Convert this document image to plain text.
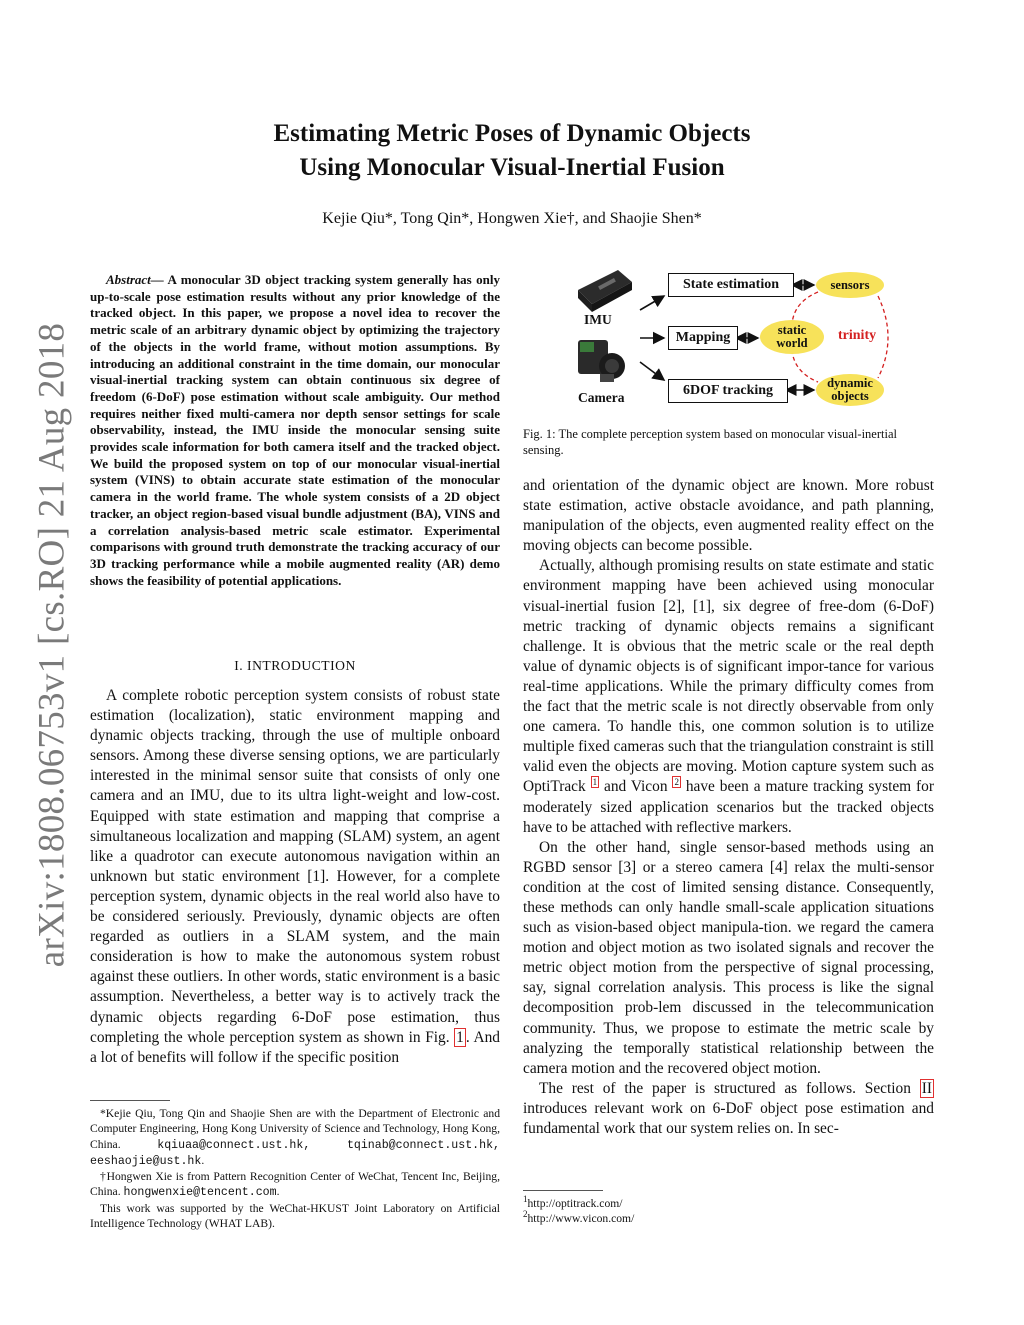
arXiv:1808.06753v1 [cs.RO] 21 Aug 2018
Estimating Metric Poses of Dynamic Objects
Using Monocular Visual-Inertial Fusion
Kejie Qiu*, Tong Qin*, Hongwen Xie†, and Shaojie Shen*
Abstract— A monocular 3D object tracking system generally has only up-to-scale pose estimation results without any prior knowledge of the tracked object. In this paper, we propose a novel idea to recover the metric scale of an arbitrary dynamic object by optimizing the trajectory of the objects in the world frame, without motion assumptions. By introducing an additional constraint in the time domain, our monocular visual-inertial tracking system can obtain continuous six degree of freedom (6-DoF) pose estimation without scale ambiguity. Our method requires neither fixed multi-camera nor depth sensor settings for scale observability, instead, the IMU inside the monocular sensing suite provides scale information for both camera itself and the tracked object. We build the proposed system on top of our monocular visual-inertial system (VINS) to obtain accurate state estimation of the monocular camera in the world frame. The whole system consists of a 2D object tracker, an object region-based visual bundle adjustment (BA), VINS and a correlation analysis-based metric scale estimator. Experimental comparisons with ground truth demonstrate the tracking accuracy of our 3D tracking performance while a mobile augmented reality (AR) demo shows the feasibility of potential applications.
I. INTRODUCTION

A complete robotic perception system consists of robust state estimation (localization), static environment mapping and dynamic objects tracking, through the use of multiple onboard sensors. Among these diverse sensing options, we are particularly interested in the minimal sensor suite that consists of only one camera and an IMU, due to its ultra light-weight and low-cost. Equipped with state estimation and mapping that comprise a simultaneous localization and mapping (SLAM) system, an agent like a quadrotor can execute autonomous navigation within an unknown but static environment [1]. However, for a complete perception system, dynamic objects in the real world also have to be considered seriously. Previously, dynamic objects are often regarded as outliers in a SLAM system, and the main consideration is how to make the autonomous system robust against these outliers. In other words, static environment is a basic assumption. Nevertheless, a better way is to actively track the dynamic objects regarding 6-DoF pose estimation, thus completing the whole perception system as shown in Fig. 1 . And a lot of benefits will follow if the specific position

*Kejie Qiu, Tong Qin and Shaojie Shen are with the Department of Electronic and Computer Engineering, Hong Kong University of Science and Technology, Hong Kong, China. kqiuaa@connect.ust.hk,	tqinab@connect.ust.hk, eeshaojie@ust.hk.

†Hongwen Xie is from Pattern Recognition Center of WeChat, Tencent Inc, Beijing, China. hongwenxie@tencent.com.

This work was supported by the WeChat-HKUST Joint Laboratory on Artificial Intelligence Technology (WHAT LAB).

IMU
Camera
State estimation
Mapping
6DOF tracking
sensors
static
world
dynamic
objects
trinity
Fig. 1: The complete perception system based on monocular visual-inertial sensing.

and orientation of the dynamic object are known. More robust state estimation, active obstacle avoidance, and path planning, manipulation of the objects, even augmented reality effect on the moving objects can become possible.

Actually, although promising results on state estimate and static environment mapping have been achieved using monocular visual-inertial fusion [2], [1], six degree of free-dom (6-DoF) metric tracking of dynamic objects remains a significant challenge. It is obvious that the metric scale or the real depth value of dynamic objects is of significant impor-tance for various real-time applications. While the primary difficulty comes from the fact that the metric scale is not directly observable from only one camera. To handle this, one common solution is to utilize multiple fixed cameras such that the triangulation constraint is still valid even the objects are moving. Motion capture system such as OptiTrack $^1$ and Vicon $^2$ have been a mature tracking system for moderately sized application scenarios but the tracked objects have to be attached with reflective markers.

On the other hand, single sensor-based methods using an RGBD sensor [3] or a stereo camera [4] relax the multi-sensor condition at the cost of limited sensing distance. Consequently, these methods can only handle small-scale application situations such as vision-based object manipula-tion. we regard the camera motion and object motion as two isolated signals and recover the metric object motion from the perspective of signal processing, say, signal correlation analysis. This process is like the signal decomposition prob-lem discussed in the telecommunication community. Thus, we propose to estimate the metric scale by analyzing the temporally statistical relationship between the camera motion and the recovered object motion.

The rest of the paper is structured as follows. Section II introduces relevant work on 6-DoF object pose estimation and fundamental work that our system relies on. In sec-

$^1$http://optitrack.com/
$^2$http://www.vicon.com/
